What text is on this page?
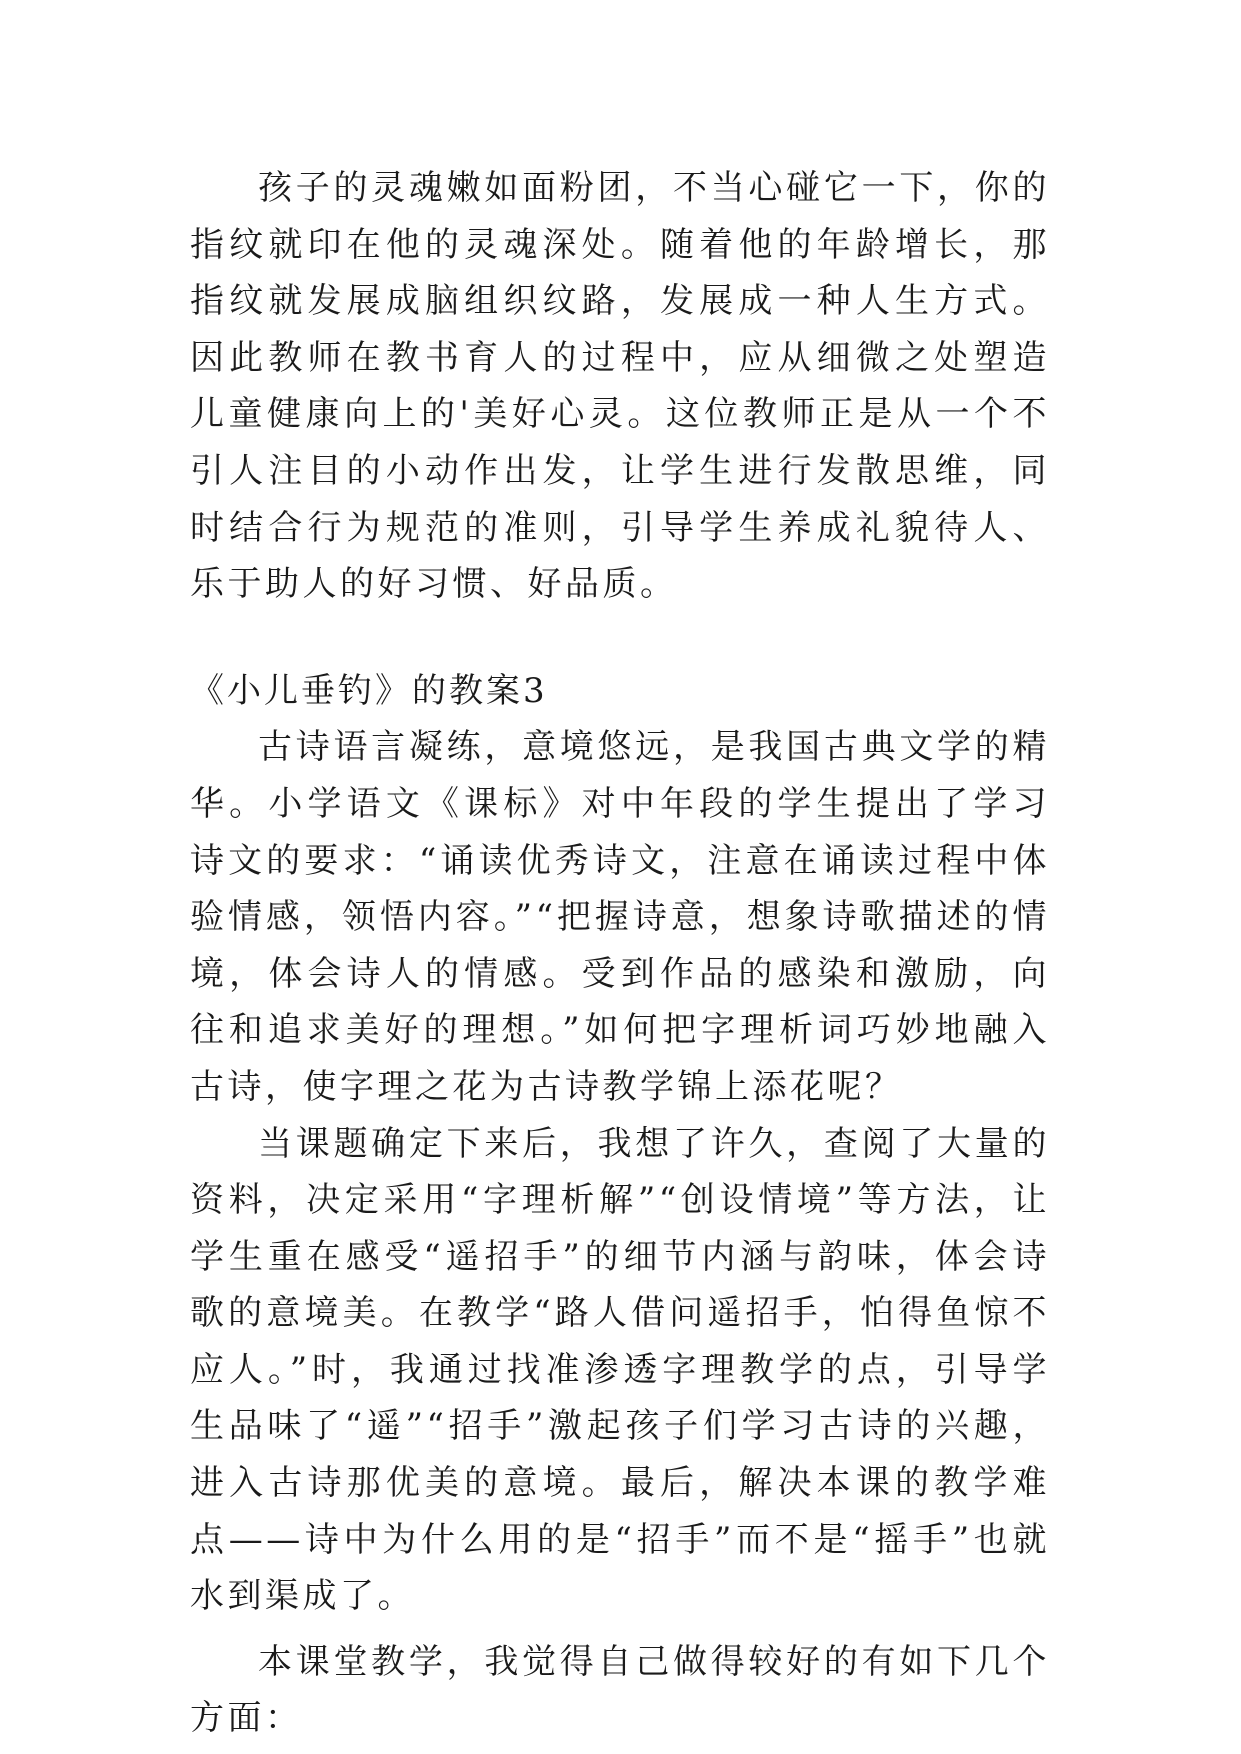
孩子的灵魂嫩如面粉团，不当心碰它一下，你的指纹就印在他的灵魂深处。随着他的年龄增长，那指纹就发展成脑组织纹路，发展成一种人生方式。因此教师在教书育人的过程中，应从细微之处塑造儿童健康向上的'美好心灵。这位教师正是从一个不引人注目的小动作出发，让学生进行发散思维，同时结合行为规范的准则，引导学生养成礼貌待人、乐于助人的好习惯、好品质。

《小儿垂钓》的教案3

古诗语言凝练，意境悠远，是我国古典文学的精华。小学语文《课标》对中年段的学生提出了学习诗文的要求：“诵读优秀诗文，注意在诵读过程中体验情感，领悟内容。”“把握诗意，想象诗歌描述的情境，体会诗人的情感。受到作品的感染和激励，向往和追求美好的理想。”如何把字理析词巧妙地融入古诗，使字理之花为古诗教学锦上添花呢？

当课题确定下来后，我想了许久，查阅了大量的资料，决定采用“字理析解”“创设情境”等方法，让学生重在感受“遥招手”的细节内涵与韵味，体会诗歌的意境美。在教学“路人借问遥招手，怕得鱼惊不应人。”时，我通过找准渗透字理教学的点，引导学生品味了“遥”“招手”激起孩子们学习古诗的兴趣，进入古诗那优美的意境。最后，解决本课的教学难点——诗中为什么用的是“招手”而不是“摇手”也就水到渠成了。

本课堂教学，我觉得自己做得较好的有如下几个方面：
